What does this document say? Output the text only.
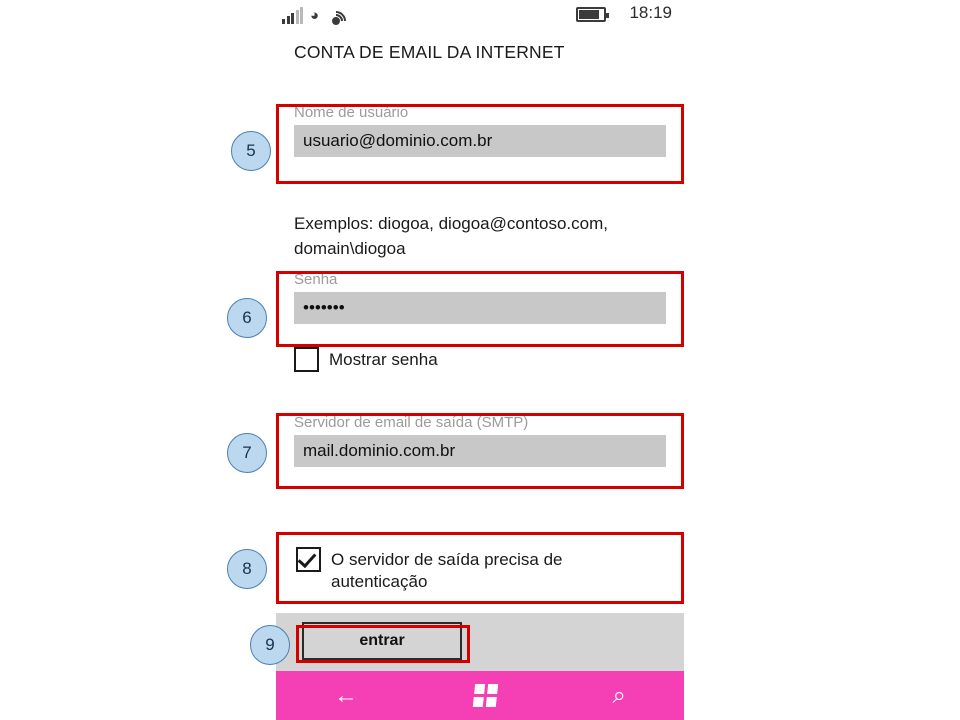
◕	18:19
CONTA DE EMAIL DA INTERNET
Nome de usuário
usuario@dominio.com.br
Exemplos: diogoa, diogoa@contoso.com, domain\diogoa
Senha
•••••••
Mostrar senha
Servidor de email de saída (SMTP)
mail.dominio.com.br
O servidor de saída precisa de autenticação
entrar
←	⌕
5
6
7
8
9
